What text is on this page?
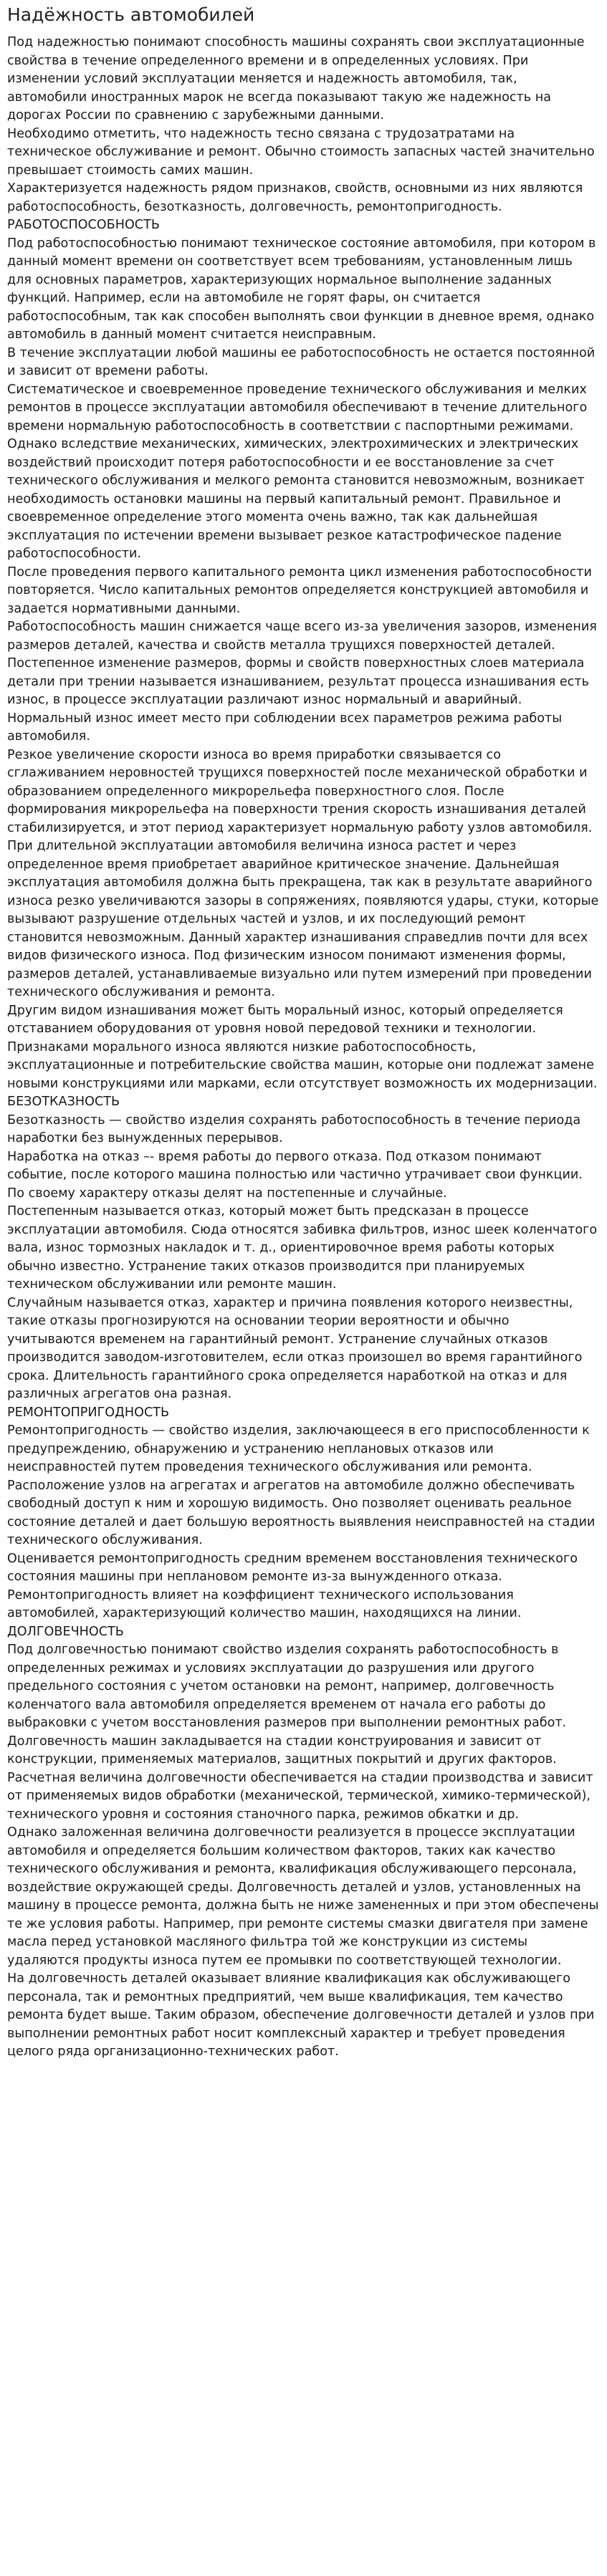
Надёжность автомобилей

Под надежностью понимают способность машины сохранять свои эксплуатационные свойства в течение определенного времени и в определенных условиях. При изменении условий эксплуатации меняется и надежность автомобиля, так, автомобили иностранных марок не всегда показывают такую же надежность на дорогах России по сравнению с зарубежными данными.

Необходимо отметить, что надежность тесно связана с трудозатратами на техническое обслуживание и ремонт. Обычно стоимость запасных частей значительно превышает стоимость самих машин.

Характеризуется надежность рядом признаков, свойств, основными из них являются работоспособность, безотказность, долговечность, ремонтопригодность.

РАБОТОСПОСОБНОСТЬ

Под работоспособностью понимают техническое состояние автомобиля, при котором в данный момент времени он соответствует всем требованиям, установленным лишь для основных параметров, характеризующих нормальное выполнение заданных функций. Например, если на автомобиле не горят фары, он считается работоспособным, так как способен выполнять свои функции в дневное время, однако автомобиль в данный момент считается неисправным.

В течение эксплуатации любой машины ее работоспособность не остается постоянной и зависит от времени работы.

Систематическое и своевременное проведение технического обслуживания и мелких ремонтов в процессе эксплуатации автомобиля обеспечивают в течение длительного времени нормальную работоспособность в соответствии с паспортными режимами. Однако вследствие механических, химических, электрохимических и электрических воздействий происходит потеря работоспособности и ее восстановление за счет технического обслуживания и мелкого ремонта становится невозможным, возникает необходимость остановки машины на первый капитальный ремонт. Правильное и своевременное определение этого момента очень важно, так как дальнейшая эксплуатация по истечении времени вызывает резкое катастрофическое падение работоспособности.

После проведения первого капитального ремонта цикл изменения работоспособности повторяется. Число капитальных ремонтов определяется конструкцией автомобиля и задается нормативными данными.

Работоспособность машин снижается чаще всего из-за увеличения зазоров, изменения размеров деталей, качества и свойств металла трущихся поверхностей деталей. Постепенное изменение размеров, формы и свойств поверхностных слоев материала детали при трении называется изнашиванием, результат процесса изнашивания есть износ, в процессе эксплуатации различают износ нормальный и аварийный.

Нормальный износ имеет место при соблюдении всех параметров режима работы автомобиля.

Резкое увеличение скорости износа во время приработки связывается со сглаживанием неровностей трущихся поверхностей после механической обработки и образованием определенного микрорельефа поверхностного слоя. После формирования микрорельефа на поверхности трения скорость изнашивания деталей стабилизируется, и этот период характеризует нормальную работу узлов автомобиля. При длительной эксплуатации автомобиля величина износа растет и через определенное время приобретает аварийное критическое значение. Дальнейшая эксплуатация автомобиля должна быть прекращена, так как в результате аварийного износа резко увеличиваются зазоры в сопряжениях, появляются удары, стуки, которые вызывают разрушение отдельных частей и узлов, и их последующий ремонт становится невозможным. Данный характер изнашивания справедлив почти для всех видов физического износа. Под физическим износом понимают изменения формы, размеров деталей, устанавливаемые визуально или путем измерений при проведении технического обслуживания и ремонта.

Другим видом изнашивания может быть моральный износ, который определяется отставанием оборудования от уровня новой передовой техники и технологии. Признаками морального износа являются низкие работоспособность, эксплуатационные и потребительские свойства машин, которые они подлежат замене новыми конструкциями или марками, если отсутствует возможность их модернизации.

БЕЗОТКАЗНОСТЬ

Безотказность — свойство изделия сохранять работоспособность в течение периода наработки без вынужденных перерывов.

Наработка на отказ –- время работы до первого отказа. Под отказом понимают событие, после которого машина полностью или частично утрачивает свои функции. По своему характеру отказы делят на постепенные и случайные.

Постепенным называется отказ, который может быть предсказан в процессе эксплуатации автомобиля. Сюда относятся забивка фильтров, износ шеек коленчатого вала, износ тормозных накладок и т. д., ориентировочное время работы которых обычно известно. Устранение таких отказов производится при планируемых техническом обслуживании или ремонте машин.

Случайным называется отказ, характер и причина появления которого неизвестны, такие отказы прогнозируются на основании теории вероятности и обычно учитываются временем на гарантийный ремонт. Устранение случайных отказов производится заводом-изготовителем, если отказ произошел во время гарантийного срока. Длительность гарантийного срока определяется наработкой на отказ и для различных агрегатов она разная.

РЕМОНТОПРИГОДНОСТЬ

Ремонтопригодность — свойство изделия, заключающееся в его приспособленности к предупреждению, обнаружению и устранению неплановых отказов или неисправностей путем проведения технического обслуживания или ремонта. Расположение узлов на агрегатах и агрегатов на автомобиле должно обеспечивать свободный доступ к ним и хорошую видимость. Оно позволяет оценивать реальное состояние деталей и дает большую вероятность выявления неисправностей на стадии технического обслуживания.

Оценивается ремонтопригодность средним временем восстановления технического состояния машины при неплановом ремонте из-за вынужденного отказа. Ремонтопригодность влияет на коэффициент технического использования автомобилей, характеризующий количество машин, находящихся на линии.

ДОЛГОВЕЧНОСТЬ

Под долговечностью понимают свойство изделия сохранять работоспособность в определенных режимах и условиях эксплуатации до разрушения или другого предельного состояния с учетом остановки на ремонт, например, долговечность коленчатого вала автомобиля определяется временем от начала его работы до выбраковки с учетом восстановления размеров при выполнении ремонтных работ.

Долговечность машин закладывается на стадии конструирования и зависит от конструкции, применяемых материалов, защитных покрытий и других факторов.

Расчетная величина долговечности обеспечивается на стадии производства и зависит от применяемых видов обработки (механической, термической, химико-термической), технического уровня и состояния станочного парка, режимов обкатки и др.

Однако заложенная величина долговечности реализуется в процессе эксплуатации автомобиля и определяется большим количеством факторов, таких как качество технического обслуживания и ремонта, квалификация обслуживающего персонала, воздействие окружающей среды. Долговечность деталей и узлов, установленных на машину в процессе ремонта, должна быть не ниже замененных и при этом обеспечены те же условия работы. Например, при ремонте системы смазки двигателя при замене масла перед установкой масляного фильтра той же конструкции из системы удаляются продукты износа путем ее промывки по соответствующей технологии.

На долговечность деталей оказывает влияние квалификация как обслуживающего персонала, так и ремонтных предприятий, чем выше квалификация, тем качество ремонта будет выше. Таким образом, обеспечение долговечности деталей и узлов при выполнении ремонтных работ носит комплексный характер и требует проведения целого ряда организационно-технических работ.
